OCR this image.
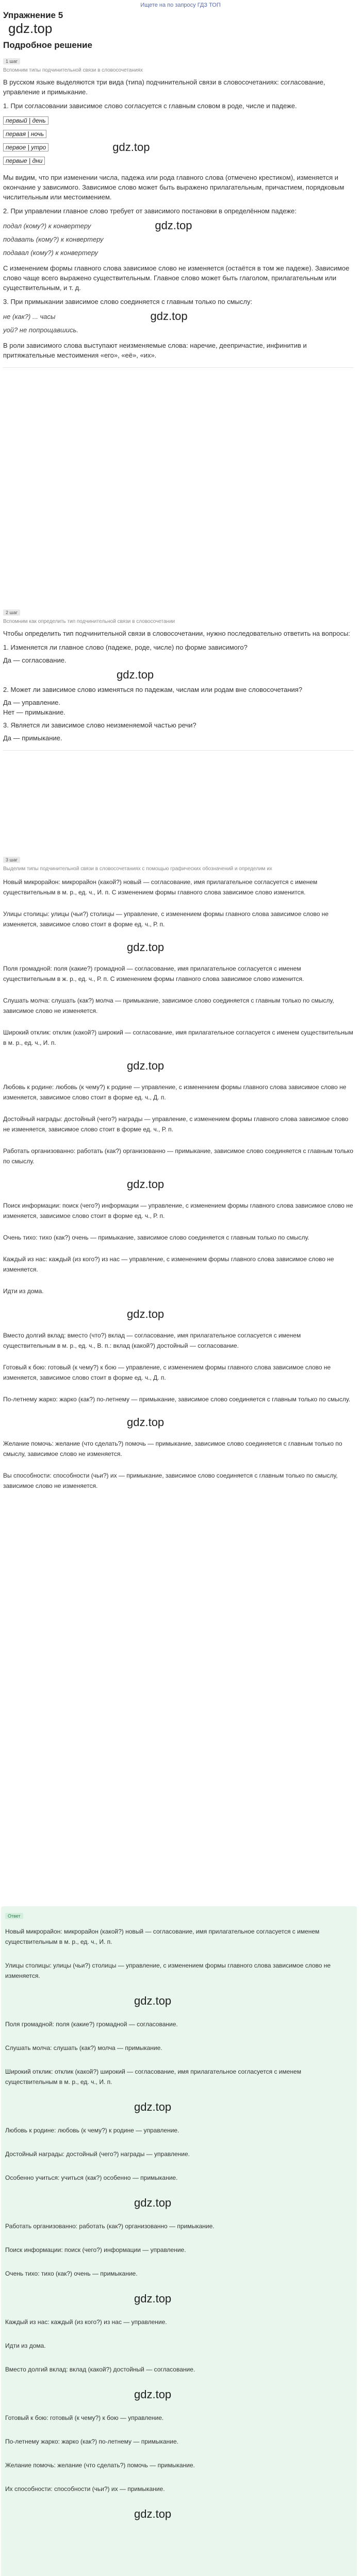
Ищете на по запросу ГДЗ ТОП
Упражнение 5
gdz.top
Подробное решение
1 шаг
Вспомним типы подчинительной связи в словосочетаниях
В русском языке выделяются три вида (типа) подчинительной связи в словосочетаниях: согласование, управление и примыкание.
1. При согласовании зависимое слово согласуется с главным словом в роде, числе и падеже.
первый | день
первая | ночь
первое | утро	gdz.top
первые | дни
Мы видим, что при изменении числа, падежа или рода главного слова (отмечено крестиком), изменяется и окончание у зависимого. Зависимое слово может быть выражено прилагательным, причастием, порядковым числительным или местоимением.
2. При управлении главное слово требует от зависимого постановки в определённом падеже:
подал (кому?) к конвертеру	gdz.top
подавать (кому?) к конвертеру
подавал (кому?) к конвертеру
С изменением формы главного слова зависимое слово не изменяется (остаётся в том же падеже). Зависимое слово чаще всего выражено существительным. Главное слово может быть глаголом, прилагательным или существительным, и т. д.
3. При примыкании зависимое слово соединяется с главным только по смыслу:
не (как?) ... часы	gdz.top
уой? не попрощавшись.
В роли зависимого слова выступают неизменяемые слова: наречие, деепричастие, инфинитив и притяжательные местоимения «его», «её», «их».
2 шаг
Вспомним как определить тип подчинительной связи в словосочетании
Чтобы определить тип подчинительной связи в словосочетании, нужно последовательно ответить на вопросы:
1. Изменяется ли главное слово (падеже, роде, числе) по форме зависимого?
Да — согласование.
gdz.top
2. Может ли зависимое слово изменяться по падежам, числам или родам вне словосочетания?
Да — управление.
Нет — примыкание.
3. Является ли зависимое слово неизменяемой частью речи?
Да — примыкание.
3 шаг
Выделим типы подчинительной связи в словосочетаниях с помощью графических обозначений и определим их
Новый микрорайон: микрорайон (какой?) новый — согласование, имя прилагательное согласуется с именем существительным в м. р., ед. ч., И. п. С изменением формы главного слова зависимое слово изменится.
Улицы столицы: улицы (чьи?) столицы — управление, с изменением формы главного слова зависимое слово не изменяется, зависимое слово стоит в форме ед. ч., Р. п.
gdz.top
Поля громадной: поля (какие?) громадной — согласование, имя прилагательное согласуется с именем существительным в ж. р., ед. ч., Р. п. С изменением формы главного слова зависимое слово изменится.
Слушать молча: слушать (как?) молча — примыкание, зависимое слово соединяется с главным только по смыслу, зависимое слово не изменяется.
Широкий отклик: отклик (какой?) широкий — согласование, имя прилагательное согласуется с именем существительным в м. р., ед. ч., И. п.
gdz.top
Любовь к родине: любовь (к чему?) к родине — управление, с изменением формы главного слова зависимое слово не изменяется, зависимое слово стоит в форме ед. ч., Д. п.
Достойный награды: достойный (чего?) награды — управление, с изменением формы главного слова зависимое слово не изменяется, зависимое слово стоит в форме ед. ч., Р. п.
Работать организованно: работать (как?) организованно — примыкание, зависимое слово соединяется с главным только по смыслу.
gdz.top
Поиск информации: поиск (чего?) информации — управление, с изменением формы главного слова зависимое слово не изменяется, зависимое слово стоит в форме ед. ч., Р. п.
Очень тихо: тихо (как?) очень — примыкание, зависимое слово соединяется с главным только по смыслу.
Каждый из нас: каждый (из кого?) из нас — управление, с изменением формы главного слова зависимое слово не изменяется.
Идти из дома.
gdz.top
Вместо долгий вклад: вместо (что?) вклад — согласование, имя прилагательное согласуется с именем существительным в м. р., ед. ч., В. п.: вклад (какой?) достойный — согласование.
Готовый к бою: готовый (к чему?) к бою — управление, с изменением формы главного слова зависимое слово не изменяется, зависимое слово стоит в форме ед. ч., Д. п.
По-летнему жарко: жарко (как?) по-летнему — примыкание, зависимое слово соединяется с главным только по смыслу.
gdz.top
Желание помочь: желание (что сделать?) помочь — примыкание, зависимое слово соединяется с главным только по смыслу, зависимое слово не изменяется.
Вы способности: способности (чьи?) их — примыкание, зависимое слово соединяется с главным только по смыслу, зависимое слово не изменяется.
Ответ
Новый микрорайон: микрорайон (какой?) новый — согласование, имя прилагательное согласуется с именем существительным в м. р., ед. ч., И. п.
Улицы столицы: улицы (чьи?) столицы — управление, с изменением формы главного слова зависимое слово не изменяется.
gdz.top
Поля громадной: поля (какие?) громадной — согласование.
Слушать молча: слушать (как?) молча — примыкание.
Широкий отклик: отклик (какой?) широкий — согласование, имя прилагательное согласуется с именем существительным в м. р., ед. ч., И. п.
gdz.top
Любовь к родине: любовь (к чему?) к родине — управление.
Достойный награды: достойный (чего?) награды — управление.
Особенно учиться: учиться (как?) особенно — примыкание.
gdz.top
Работать организованно: работать (как?) организованно — примыкание.
Поиск информации: поиск (чего?) информации — управление.
Очень тихо: тихо (как?) очень — примыкание.
gdz.top
Каждый из нас: каждый (из кого?) из нас — управление.
Идти из дома.
Вместо долгий вклад: вклад (какой?) достойный — согласование.
gdz.top
Готовый к бою: готовый (к чему?) к бою — управление.
По-летнему жарко: жарко (как?) по-летнему — примыкание.
Желание помочь: желание (что сделать?) помочь — примыкание.
Их способности: способности (чьи?) их — примыкание.
gdz.top
